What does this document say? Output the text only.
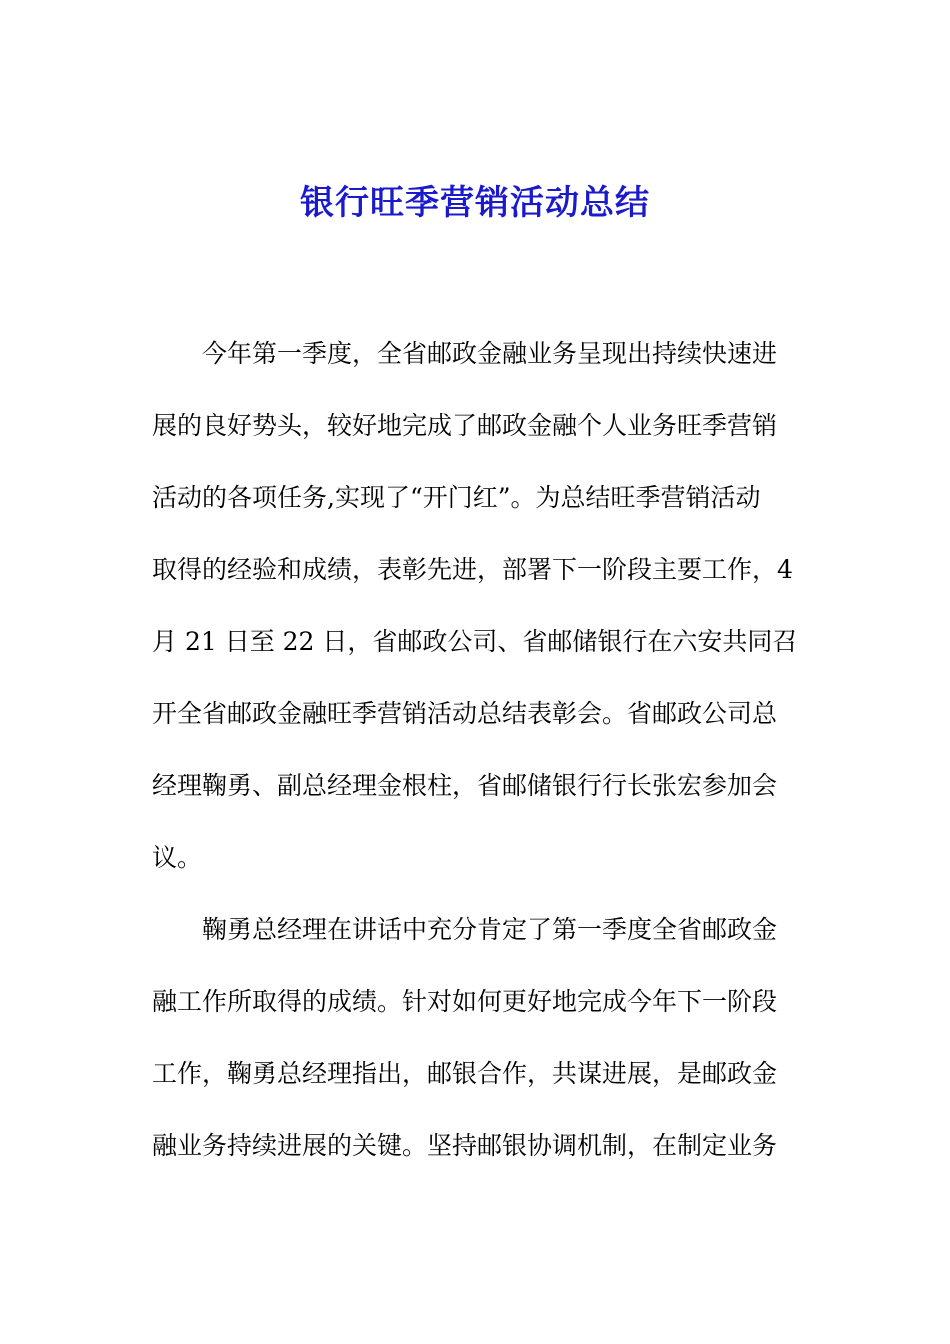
银行旺季营销活动总结
今年第一季度，全省邮政金融业务呈现出持续快速进
展的良好势头，较好地完成了邮政金融个人业务旺季营销
活动的各项任务,实现了“开门红”。为总结旺季营销活动
取得的经验和成绩，表彰先进，部署下一阶段主要工作，4
月 21 日至 22 日，省邮政公司、省邮储银行在六安共同召
开全省邮政金融旺季营销活动总结表彰会。省邮政公司总
经理鞠勇、副总经理金根柱，省邮储银行行长张宏参加会
议。
鞠勇总经理在讲话中充分肯定了第一季度全省邮政金
融工作所取得的成绩。针对如何更好地完成今年下一阶段
工作，鞠勇总经理指出，邮银合作，共谋进展，是邮政金
融业务持续进展的关键。坚持邮银协调机制，在制定业务
